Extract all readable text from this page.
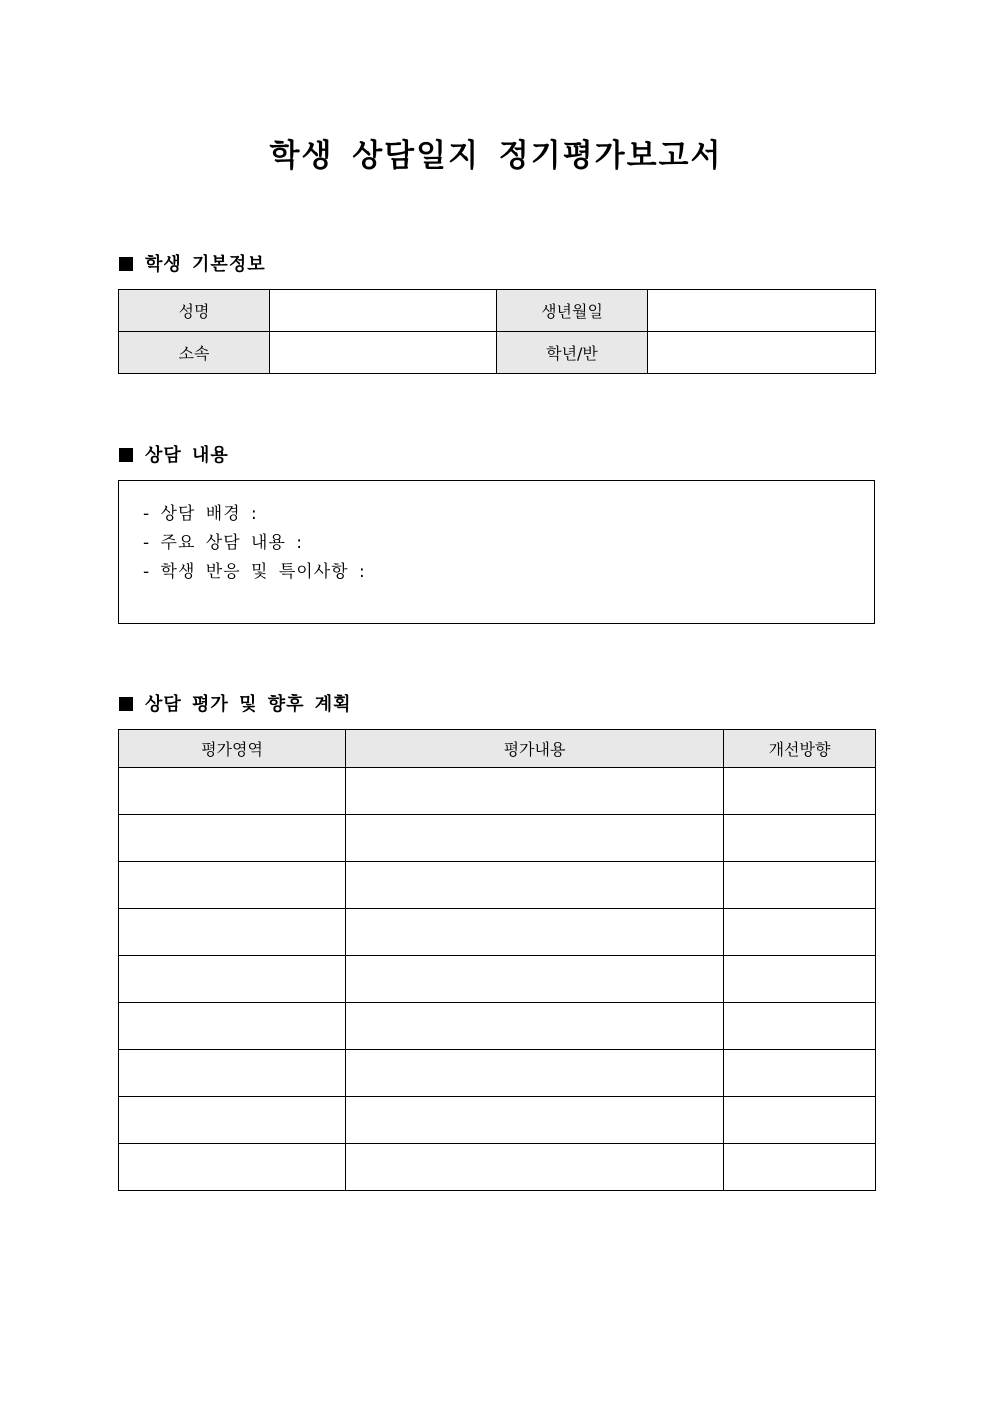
학생 상담일지 정기평가보고서
학생 기본정보
성명		생년월일	
소속		학년/반	
상담 내용
- 상담 배경 :
- 주요 상담 내용 :
- 학생 반응 및 특이사항 :
상담 평가 및 향후 계획
평가영역	평가내용	개선방향
